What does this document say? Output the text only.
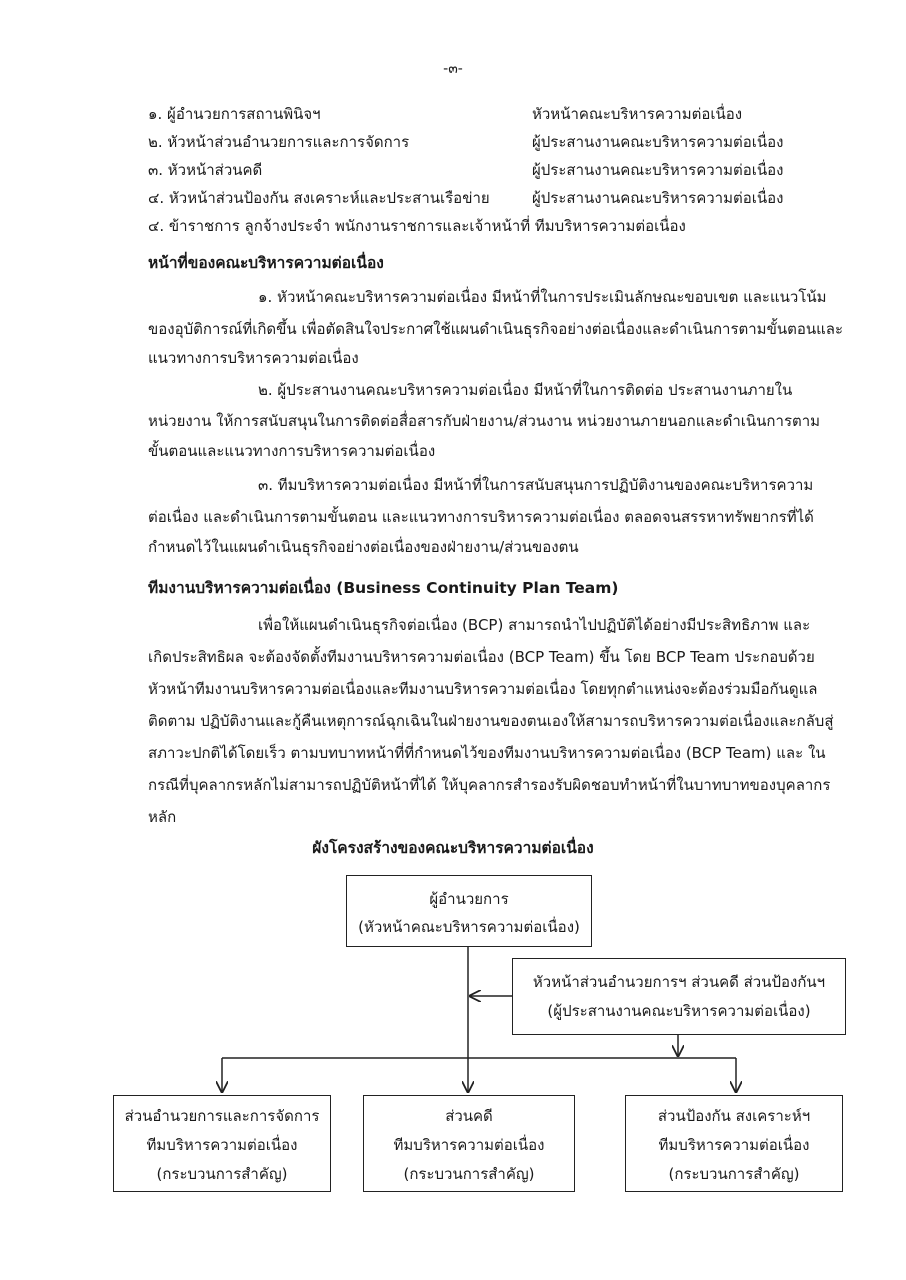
-๓-
๑. ผู้อำนวยการสถานพินิจฯ	หัวหน้าคณะบริหารความต่อเนื่อง
๒. หัวหน้าส่วนอำนวยการและการจัดการ	ผู้ประสานงานคณะบริหารความต่อเนื่อง
๓. หัวหน้าส่วนคดี	ผู้ประสานงานคณะบริหารความต่อเนื่อง
๔. หัวหน้าส่วนป้องกัน สงเคราะห์และประสานเรือข่าย	ผู้ประสานงานคณะบริหารความต่อเนื่อง
๔. ข้าราชการ ลูกจ้างประจำ พนักงานราชการและเจ้าหน้าที่ ทีมบริหารความต่อเนื่อง
หน้าที่ของคณะบริหารความต่อเนื่อง
๑. หัวหน้าคณะบริหารความต่อเนื่อง มีหน้าที่ในการประเมินลักษณะขอบเขต และแนวโน้ม
ของอุบัติการณ์ที่เกิดขึ้น เพื่อตัดสินใจประกาศใช้แผนดำเนินธุรกิจอย่างต่อเนื่องและดำเนินการตามขั้นตอนและ
แนวทางการบริหารความต่อเนื่อง
๒. ผู้ประสานงานคณะบริหารความต่อเนื่อง มีหน้าที่ในการติดต่อ ประสานงานภายใน
หน่วยงาน ให้การสนับสนุนในการติดต่อสื่อสารกับฝ่ายงาน/ส่วนงาน หน่วยงานภายนอกและดำเนินการตาม
ขั้นตอนและแนวทางการบริหารความต่อเนื่อง
๓. ทีมบริหารความต่อเนื่อง มีหน้าที่ในการสนับสนุนการปฏิบัติงานของคณะบริหารความ
ต่อเนื่อง และดำเนินการตามขั้นตอน และแนวทางการบริหารความต่อเนื่อง ตลอดจนสรรหาทรัพยากรที่ได้
กำหนดไว้ในแผนดำเนินธุรกิจอย่างต่อเนื่องของฝ่ายงาน/ส่วนของตน
ทีมงานบริหารความต่อเนื่อง (Business Continuity Plan Team)
เพื่อให้แผนดำเนินธุรกิจต่อเนื่อง (BCP) สามารถนำไปปฏิบัติได้อย่างมีประสิทธิภาพ และ
เกิดประสิทธิผล จะต้องจัดตั้งทีมงานบริหารความต่อเนื่อง (BCP Team) ขึ้น โดย BCP Team ประกอบด้วย
หัวหน้าทีมงานบริหารความต่อเนื่องและทีมงานบริหารความต่อเนื่อง โดยทุกตำแหน่งจะต้องร่วมมือกันดูแล
ติดตาม ปฏิบัติงานและกู้คืนเหตุการณ์ฉุกเฉินในฝ่ายงานของตนเองให้สามารถบริหารความต่อเนื่องและกลับสู่
สภาวะปกติได้โดยเร็ว ตามบทบาทหน้าที่ที่กำหนดไว้ของทีมงานบริหารความต่อเนื่อง (BCP Team) และ ใน
กรณีที่บุคลากรหลักไม่สามารถปฏิบัติหน้าที่ได้ ให้บุคลากรสำรองรับผิดชอบทำหน้าที่ในบาทบาทของบุคลากร
หลัก
ผังโครงสร้างของคณะบริหารความต่อเนื่อง
ผู้อำนวยการ
(หัวหน้าคณะบริหารความต่อเนื่อง)
หัวหน้าส่วนอำนวยการฯ ส่วนคดี ส่วนป้องกันฯ
(ผู้ประสานงานคณะบริหารความต่อเนื่อง)
ส่วนอำนวยการและการจัดการ
ทีมบริหารความต่อเนื่อง
(กระบวนการสำคัญ)
ส่วนคดี
ทีมบริหารความต่อเนื่อง
(กระบวนการสำคัญ)
ส่วนป้องกัน สงเคราะห์ฯ
ทีมบริหารความต่อเนื่อง
(กระบวนการสำคัญ)
